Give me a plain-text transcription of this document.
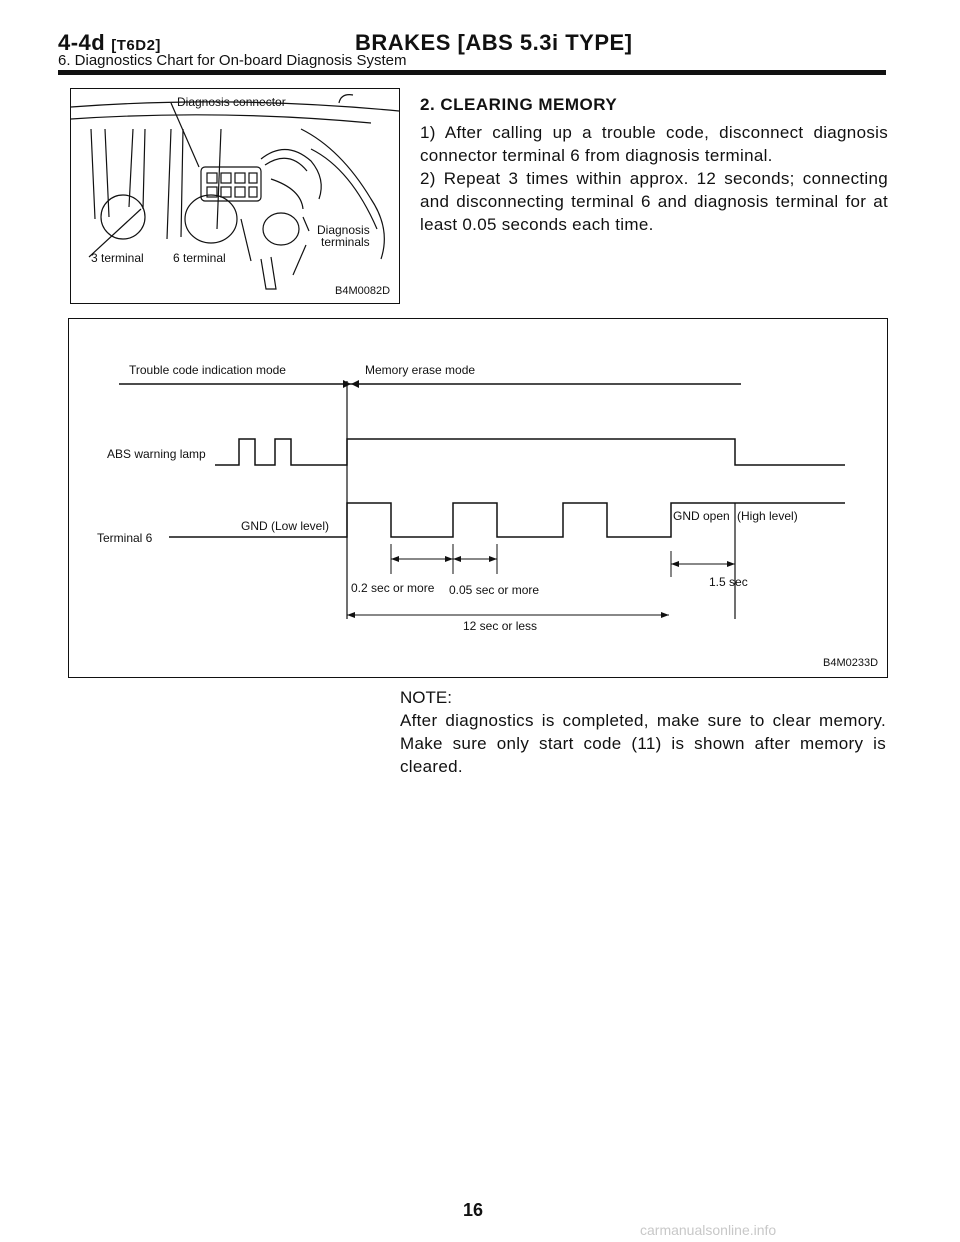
4-4d [T6D2]	BRAKES [ABS 5.3i TYPE]
6. Diagnostics Chart for On-board Diagnosis System
Diagnosis connector
Diagnosis
terminals
3 terminal 6 terminal
B4M0082D
2. CLEARING MEMORY
1) After calling up a trouble code, disconnect diagnosis connector terminal 6 from diagnosis terminal.
2) Repeat 3 times within approx. 12 seconds; connecting and disconnecting terminal 6 and diagnosis terminal for at least 0.05 seconds each time.
Trouble code indication mode	Memory erase mode
ABS warning lamp
Terminal 6
GND (Low level)
GND open (High level)
0.2 sec or more 0.05 sec or more
1.5 sec
12 sec or less
B4M0233D
NOTE:
After diagnostics is completed, make sure to clear memory. Make sure only start code (11) is shown after memory is cleared.
16
carmanualsonline.info
